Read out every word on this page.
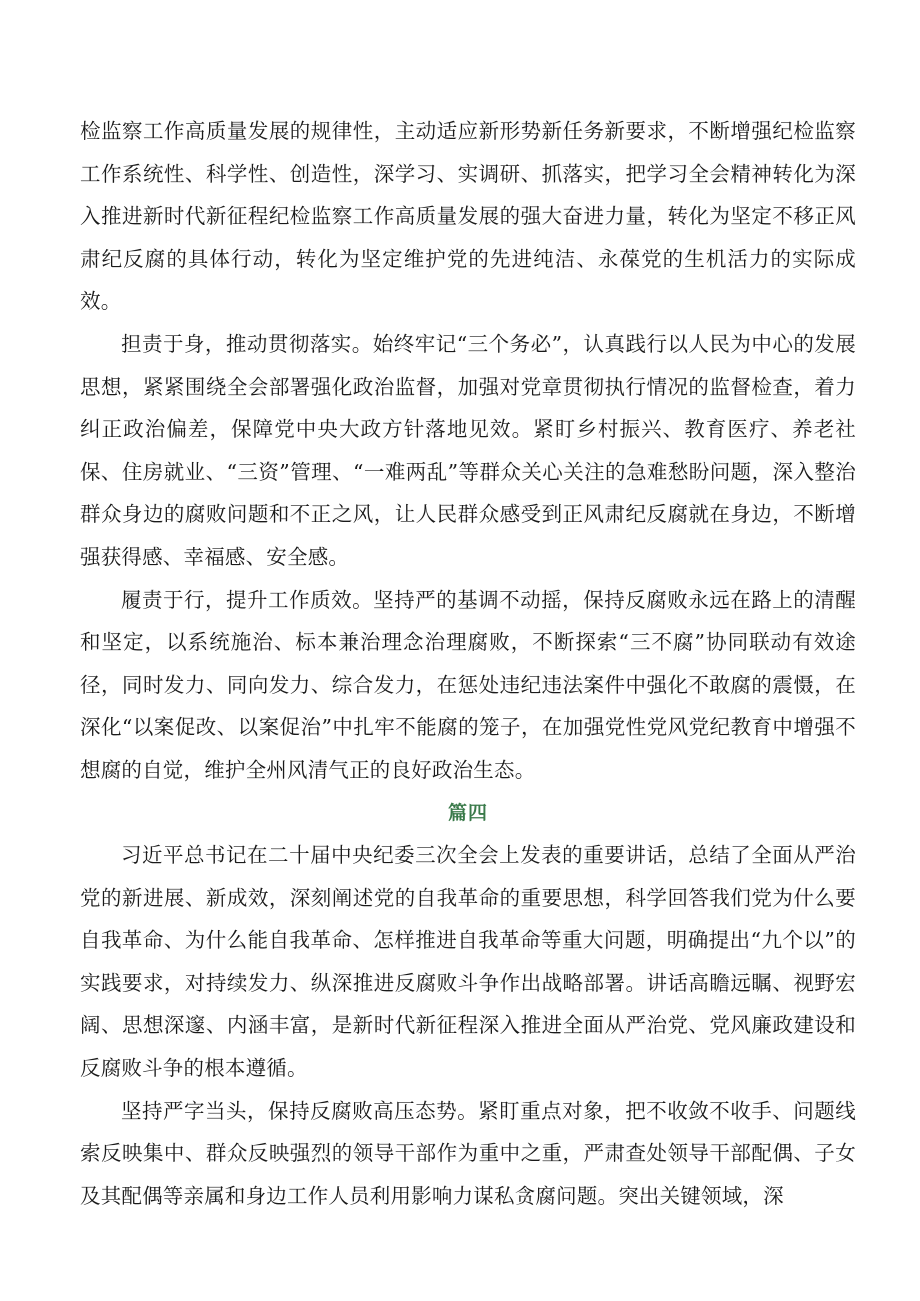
检监察工作高质量发展的规律性，主动适应新形势新任务新要求，不断增强纪检监察工作系统性、科学性、创造性，深学习、实调研、抓落实，把学习全会精神转化为深入推进新时代新征程纪检监察工作高质量发展的强大奋进力量，转化为坚定不移正风肃纪反腐的具体行动，转化为坚定维护党的先进纯洁、永葆党的生机活力的实际成效。

担责于身，推动贯彻落实。始终牢记“三个务必”，认真践行以人民为中心的发展思想，紧紧围绕全会部署强化政治监督，加强对党章贯彻执行情况的监督检查，着力纠正政治偏差，保障党中央大政方针落地见效。紧盯乡村振兴、教育医疗、养老社保、住房就业、“三资”管理、“一难两乱”等群众关心关注的急难愁盼问题，深入整治群众身边的腐败问题和不正之风，让人民群众感受到正风肃纪反腐就在身边，不断增强获得感、幸福感、安全感。

履责于行，提升工作质效。坚持严的基调不动摇，保持反腐败永远在路上的清醒和坚定，以系统施治、标本兼治理念治理腐败，不断探索“三不腐”协同联动有效途径，同时发力、同向发力、综合发力，在惩处违纪违法案件中强化不敢腐的震慑，在深化“以案促改、以案促治”中扎牢不能腐的笼子，在加强党性党风党纪教育中增强不想腐的自觉，维护全州风清气正的良好政治生态。

篇四

习近平总书记在二十届中央纪委三次全会上发表的重要讲话，总结了全面从严治党的新进展、新成效，深刻阐述党的自我革命的重要思想，科学回答我们党为什么要自我革命、为什么能自我革命、怎样推进自我革命等重大问题，明确提出“九个以”的实践要求，对持续发力、纵深推进反腐败斗争作出战略部署。讲话高瞻远瞩、视野宏阔、思想深邃、内涵丰富，是新时代新征程深入推进全面从严治党、党风廉政建设和反腐败斗争的根本遵循。

坚持严字当头，保持反腐败高压态势。紧盯重点对象，把不收敛不收手、问题线索反映集中、群众反映强烈的领导干部作为重中之重，严肃查处领导干部配偶、子女及其配偶等亲属和身边工作人员利用影响力谋私贪腐问题。突出关键领域，深
